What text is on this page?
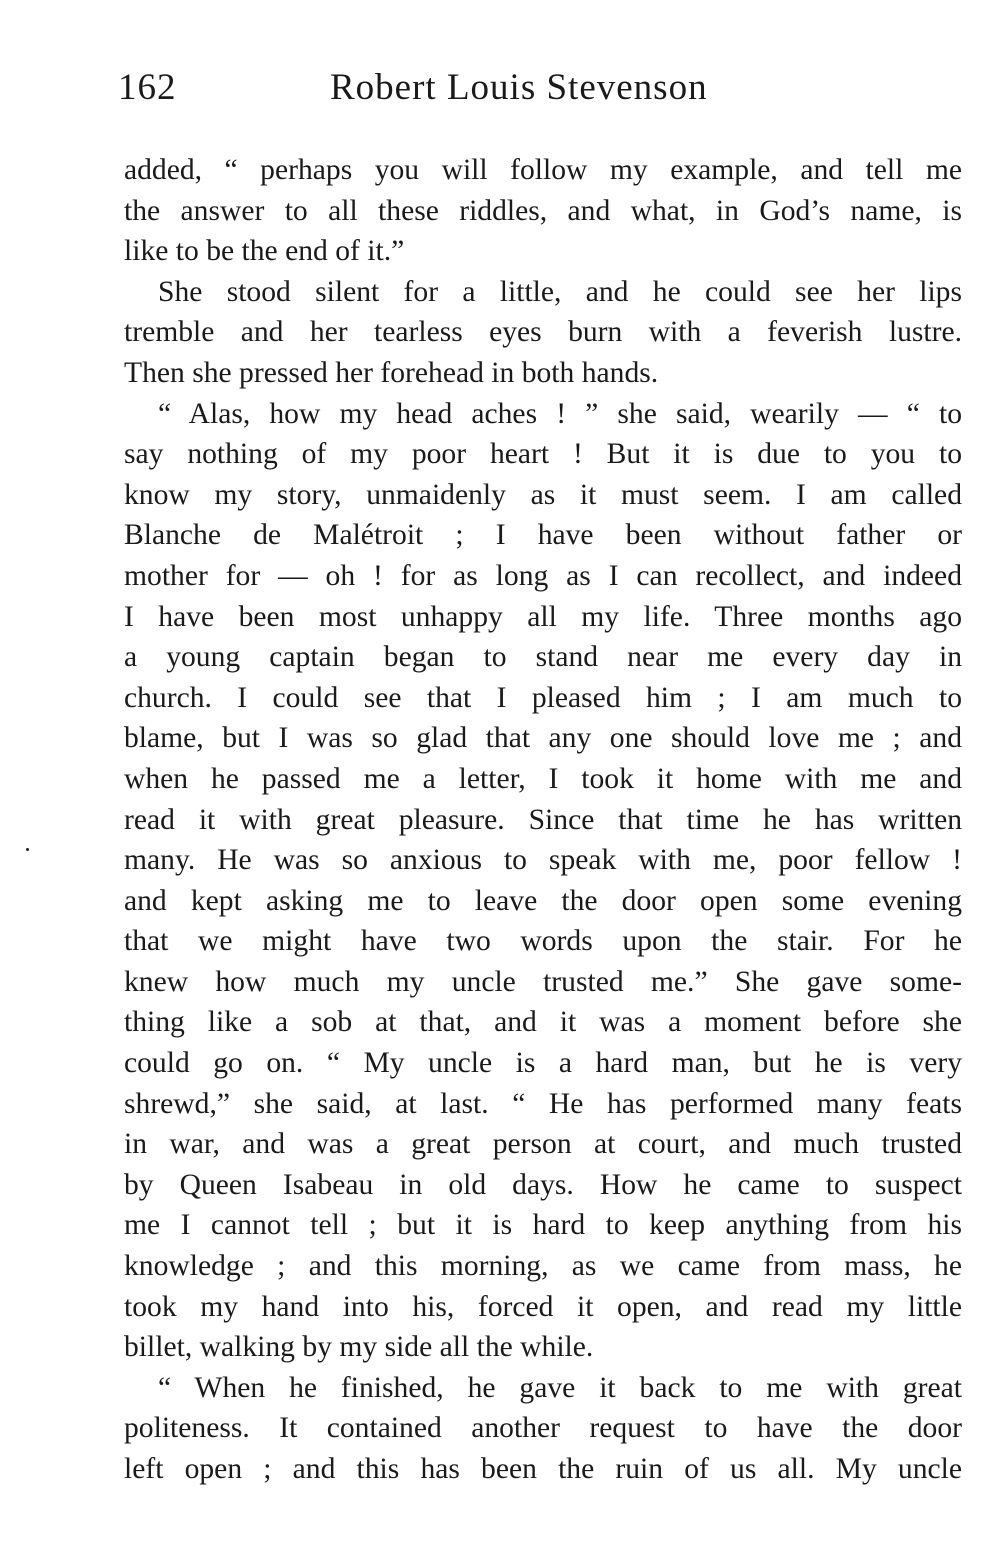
162	Robert Louis Stevenson
added, “ perhaps you will follow my example, and tell me
the answer to all these riddles, and what, in God’s name, is
like to be the end of it.”
She stood silent for a little, and he could see her lips
tremble and her tearless eyes burn with a feverish lustre.
Then she pressed her forehead in both hands.
“ Alas, how my head aches ! ” she said, wearily — “ to
say nothing of my poor heart ! But it is due to you to
know my story, unmaidenly as it must seem. I am called
Blanche de Malétroit ; I have been without father or
mother for — oh ! for as long as I can recollect, and indeed
I have been most unhappy all my life. Three months ago
a young captain began to stand near me every day in
church. I could see that I pleased him ; I am much to
blame, but I was so glad that any one should love me ; and
when he passed me a letter, I took it home with me and
read it with great pleasure. Since that time he has written
many. He was so anxious to speak with me, poor fellow !
and kept asking me to leave the door open some evening
that we might have two words upon the stair. For he
knew how much my uncle trusted me.” She gave some-
thing like a sob at that, and it was a moment before she
could go on. “ My uncle is a hard man, but he is very
shrewd,” she said, at last. “ He has performed many feats
in war, and was a great person at court, and much trusted
by Queen Isabeau in old days. How he came to suspect
me I cannot tell ; but it is hard to keep anything from his
knowledge ; and this morning, as we came from mass, he
took my hand into his, forced it open, and read my little
billet, walking by my side all the while.
“ When he finished, he gave it back to me with great
politeness. It contained another request to have the door
left open ; and this has been the ruin of us all. My uncle
